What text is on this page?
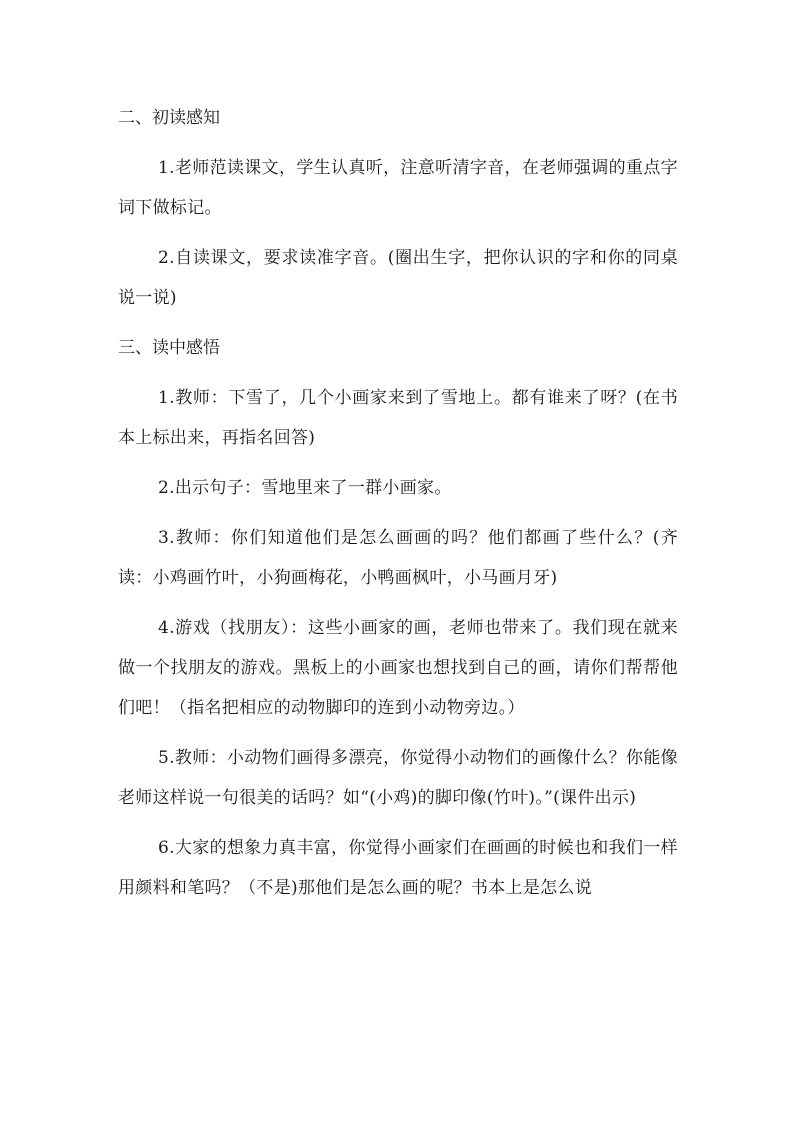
二、初读感知

1.老师范读课文，学生认真听，注意听清字音，在老师强调的重点字词下做标记。

2.自读课文，要求读准字音。(圈出生字，把你认识的字和你的同桌说一说)

三、读中感悟

1.教师：下雪了，几个小画家来到了雪地上。都有谁来了呀？(在书本上标出来，再指名回答)

2.出示句子：雪地里来了一群小画家。

3.教师：你们知道他们是怎么画画的吗？他们都画了些什么？(齐读：小鸡画竹叶，小狗画梅花，小鸭画枫叶，小马画月牙)

4.游戏（找朋友）：这些小画家的画，老师也带来了。我们现在就来做一个找朋友的游戏。黑板上的小画家也想找到自己的画，请你们帮帮他们吧！（指名把相应的动物脚印的连到小动物旁边。）

5.教师：小动物们画得多漂亮，你觉得小动物们的画像什么？你能像老师这样说一句很美的话吗？如“(小鸡)的脚印像(竹叶)。”(课件出示)

6.大家的想象力真丰富，你觉得小画家们在画画的时候也和我们一样用颜料和笔吗？（不是)那他们是怎么画的呢？书本上是怎么说
